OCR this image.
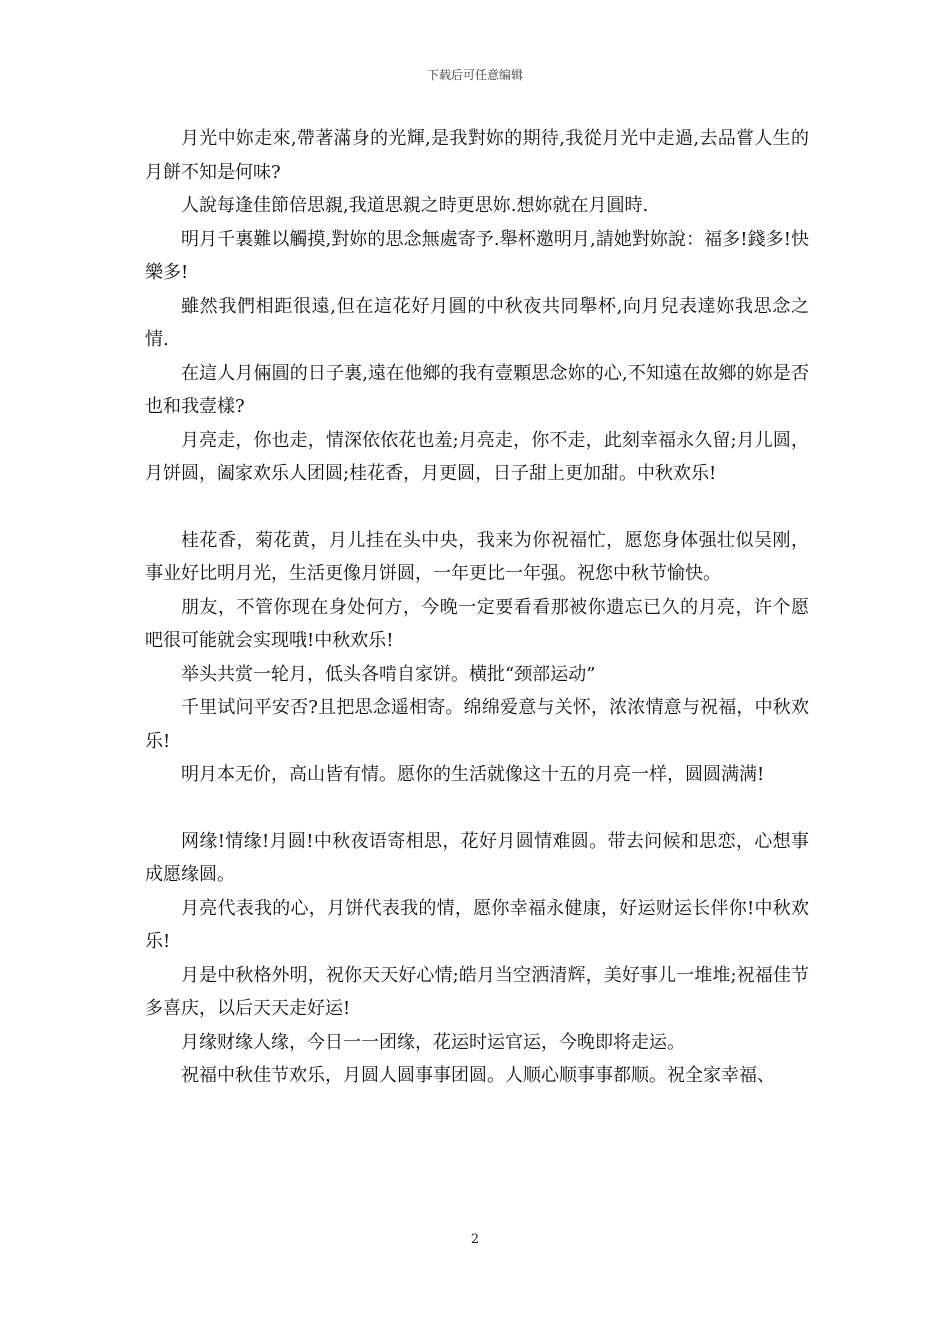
下载后可任意编辑

月光中妳走來,帶著滿身的光輝,是我對妳的期待,我從月光中走過,去品嘗人生的月餅不知是何味?

人說每逢佳節倍思親,我道思親之時更思妳.想妳就在月圓時.

明月千裏難以觸摸,對妳的思念無處寄予.舉杯邀明月,請她對妳說：福多!錢多!快樂多!

雖然我們相距很遠,但在這花好月圓的中秋夜共同舉杯,向月兒表達妳我思念之情.

在這人月倆圓的日子裏,遠在他鄉的我有壹顆思念妳的心,不知遠在故鄉的妳是否也和我壹樣?

月亮走，你也走，情深依依花也羞;月亮走，你不走，此刻幸福永久留;月儿圆，月饼圆，阖家欢乐人团圆;桂花香，月更圆，日子甜上更加甜。中秋欢乐!

桂花香，菊花黄，月儿挂在头中央，我来为你祝福忙，愿您身体强壮似吴刚，事业好比明月光，生活更像月饼圆，一年更比一年强。祝您中秋节愉快。

朋友，不管你现在身处何方，今晚一定要看看那被你遗忘已久的月亮，许个愿吧很可能就会实现哦!中秋欢乐!

举头共赏一轮月，低头各啃自家饼。横批“颈部运动”

千里试问平安否?且把思念遥相寄。绵绵爱意与关怀，浓浓情意与祝福，中秋欢乐!

明月本无价，高山皆有情。愿你的生活就像这十五的月亮一样，圆圆满满!

网缘!情缘!月圆!中秋夜语寄相思，花好月圆情难圆。带去问候和思恋，心想事成愿缘圆。

月亮代表我的心，月饼代表我的情，愿你幸福永健康，好运财运长伴你!中秋欢乐!

月是中秋格外明，祝你天天好心情;皓月当空洒清辉，美好事儿一堆堆;祝福佳节多喜庆，以后天天走好运!

月缘财缘人缘，今日一一团缘，花运时运官运，今晚即将走运。

祝福中秋佳节欢乐，月圆人圆事事团圆。人顺心顺事事都顺。祝全家幸福、

2
